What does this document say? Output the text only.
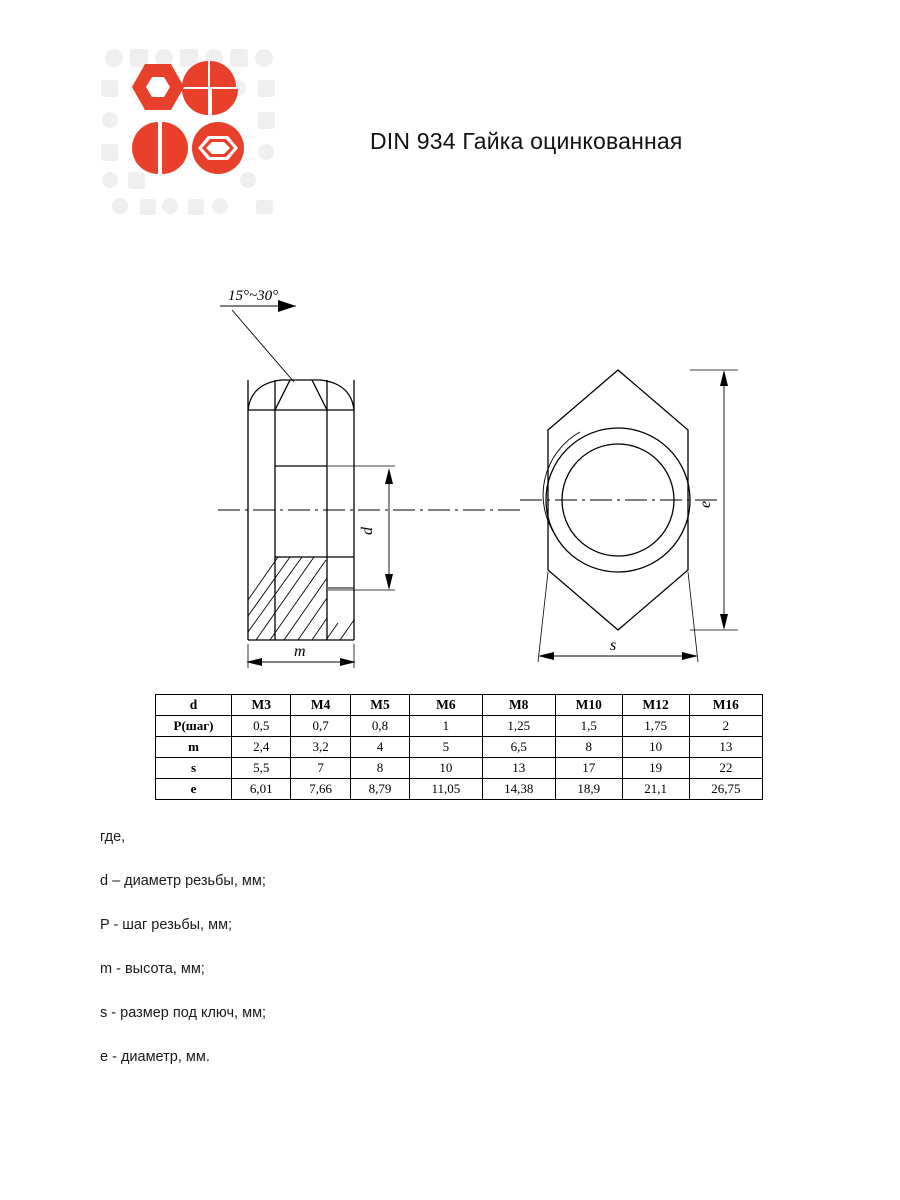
DIN 934 Гайка оцинкованная
15°~30°
d
m
e
s
d	M3	M4	M5	M6	M8	M10	M12	M16
P(шаг)	0,5	0,7	0,8	1	1,25	1,5	1,75	2
m	2,4	3,2	4	5	6,5	8	10	13
s	5,5	7	8	10	13	17	19	22
e	6,01	7,66	8,79	11,05	14,38	18,9	21,1	26,75

где,

d – диаметр резьбы, мм;

P - шаг резьбы, мм;

m - высота, мм;

s - размер под ключ, мм;

e - диаметр, мм.
